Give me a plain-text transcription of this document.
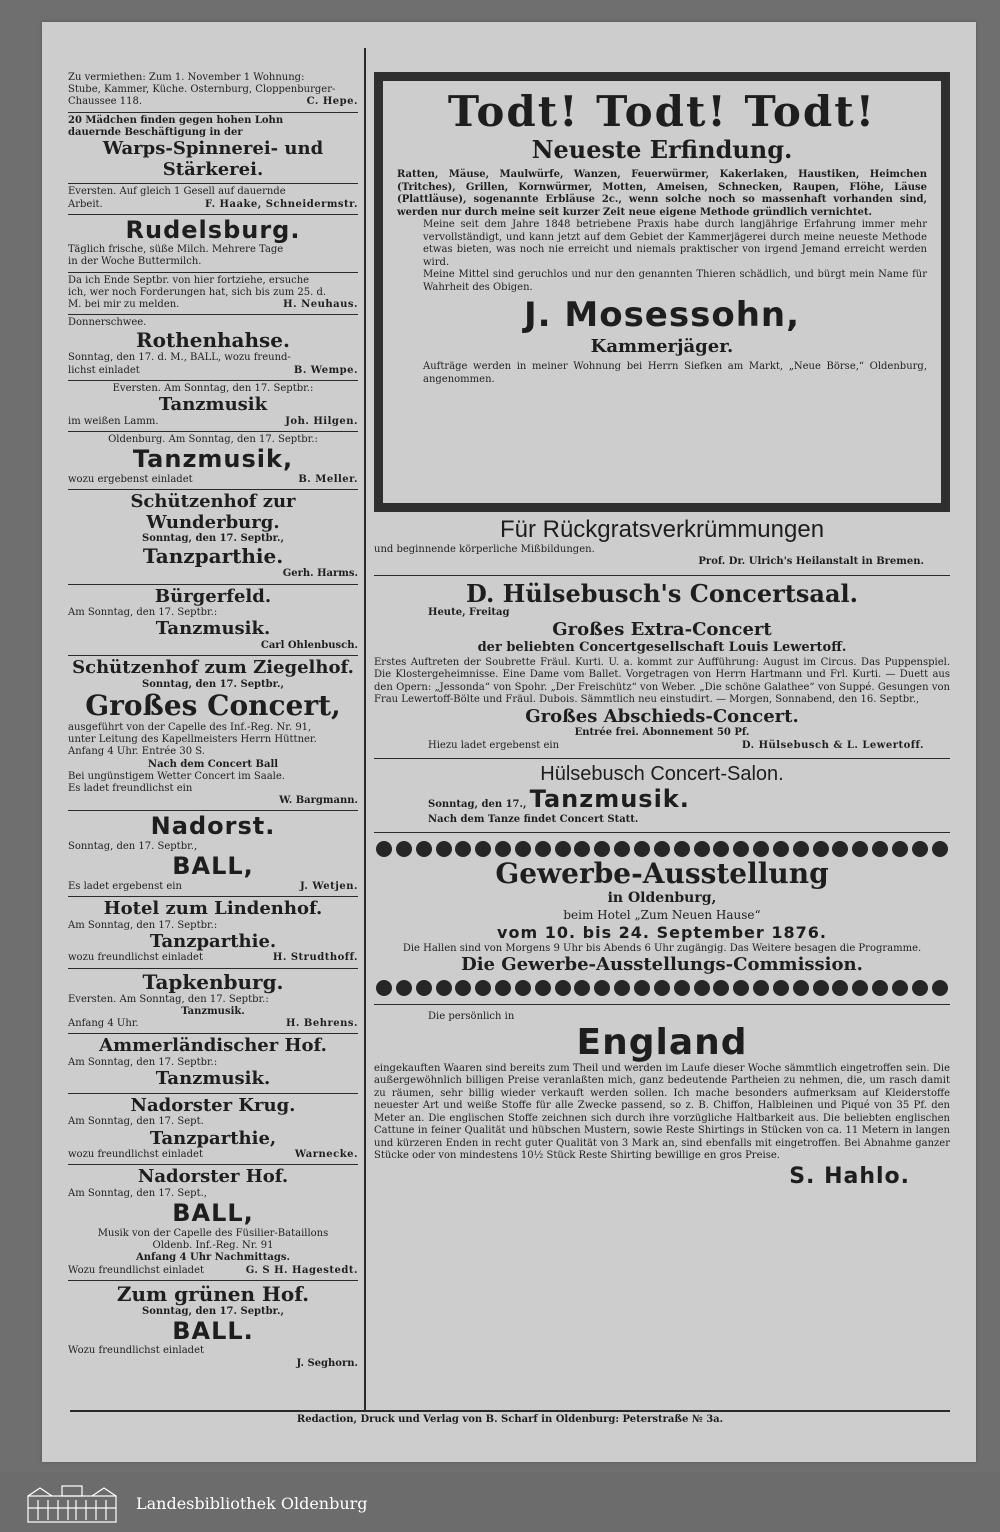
Zu vermiethen: Zum 1. November 1 Wohnung:
Stube, Kammer, Küche. Osternburg, Cloppenburger-
Chaussee 118.	C. Hepe.
20 Mädchen finden gegen hohen Lohn
dauernde Beschäftigung in der
Warps-Spinnerei- und Stärkerei.
Eversten. Auf gleich 1 Gesell auf dauernde
Arbeit.	F. Haake, Schneidermstr.
Rudelsburg.
Täglich frische, süße Milch. Mehrere Tage
in der Woche Buttermilch.
Da ich Ende Septbr. von hier fortziehe, ersuche
ich, wer noch Forderungen hat, sich bis zum 25. d.
M. bei mir zu melden.	H. Neuhaus.
Donnerschwee.
Rothenhahse.
Sonntag, den 17. d. M., BALL, wozu freund-
lichst einladet	B. Wempe.
Eversten. Am Sonntag, den 17. Septbr.:
Tanzmusik
im weißen Lamm.	Joh. Hilgen.
Oldenburg. Am Sonntag, den 17. Septbr.:
Tanzmusik,
wozu ergebenst einladet	B. Meller.
Schützenhof zur Wunderburg.
Sonntag, den 17. Septbr.,
Tanzparthie.
Gerh. Harms.
Bürgerfeld.
Am Sonntag, den 17. Septbr.:
Tanzmusik.
Carl Ohlenbusch.
Schützenhof zum Ziegelhof.
Sonntag, den 17. Septbr.,
Großes Concert,
ausgeführt von der Capelle des Inf.-Reg. Nr. 91,
unter Leitung des Kapellmeisters Herrn Hüttner.
Anfang 4 Uhr. Entrée 30 S.
Nach dem Concert Ball
Bei ungünstigem Wetter Concert im Saale.
Es ladet freundlichst ein
W. Bargmann.
Nadorst.
Sonntag, den 17. Septbr.,
BALL,
Es ladet ergebenst ein	J. Wetjen.
Hotel zum Lindenhof.
Am Sonntag, den 17. Septbr.:
Tanzparthie.
wozu freundlichst einladet	H. Strudthoff.
Tapkenburg.
Eversten. Am Sonntag, den 17. Septbr.:
Tanzmusik.
Anfang 4 Uhr.	H. Behrens.
Ammerländischer Hof.
Am Sonntag, den 17. Septbr.:
Tanzmusik.
Nadorster Krug.
Am Sonntag, den 17. Sept.
Tanzparthie,
wozu freundlichst einladet	Warnecke.
Nadorster Hof.
Am Sonntag, den 17. Sept.,
BALL,
Musik von der Capelle des Füsilier-Bataillons
Oldenb. Inf.-Reg. Nr. 91
Anfang 4 Uhr Nachmittags.
Wozu freundlichst einladet	G. S H. Hagestedt.
Zum grünen Hof.
Sonntag, den 17. Septbr.,
BALL.
Wozu freundlichst einladet
J. Seghorn.
Todt! Todt! Todt!
Neueste Erfindung.

Ratten, Mäuse, Maulwürfe, Wanzen, Feuerwürmer, Kakerlaken, Haustiken, Heimchen (Tritches), Grillen, Kornwürmer, Motten, Ameisen, Schnecken, Raupen, Flöhe, Läuse (Plattläuse), sogenannte Erbläuse 2c., wenn solche noch so massenhaft vorhanden sind, werden nur durch meine seit kurzer Zeit neue eigene Methode gründlich vernichtet.

Meine seit dem Jahre 1848 betriebene Praxis habe durch langjährige Erfahrung immer mehr vervollständigt, und kann jetzt auf dem Gebiet der Kammerjägerei durch meine neueste Methode etwas bieten, was noch nie erreicht und niemals praktischer von irgend Jemand erreicht werden wird.

Meine Mittel sind geruchlos und nur den genannten Thieren schädlich, und bürgt mein Name für Wahrheit des Obigen.

J. Mosessohn,
Kammerjäger.

Aufträge werden in meiner Wohnung bei Herrn Siefken am Markt, „Neue Börse,“ Oldenburg, angenommen.

Für Rückgratsverkrümmungen
und beginnende körperliche Mißbildungen.
Prof. Dr. Ulrich's Heilanstalt in Bremen.
D. Hülsebusch's Concertsaal.
Heute, Freitag
Großes Extra-Concert
der beliebten Concertgesellschaft Louis Lewertoff.
Erstes Auftreten der Soubrette Fräul. Kurti. U. a. kommt zur Aufführung: August im Circus. Das Puppenspiel. Die Klostergeheimnisse. Eine Dame vom Ballet. Vorgetragen von Herrn Hartmann und Frl. Kurti. — Duett aus den Opern: „Jessonda“ von Spohr. „Der Freischütz“ von Weber. „Die schöne Galathee“ von Suppé. Gesungen von Frau Lewertoff-Bölte und Fräul. Dubois. Sämmtlich neu einstudirt. — Morgen, Sonnabend, den 16. Septbr.,
Großes Abschieds-Concert.
Entrée frei. Abonnement 50 Pf.
Hiezu ladet ergebenst ein	D. Hülsebusch & L. Lewertoff.
Hülsebusch Concert-Salon.
Sonntag, den 17., Tanzmusik.
Nach dem Tanze findet Concert Statt.
Gewerbe-Ausstellung
in Oldenburg,
beim Hotel „Zum Neuen Hause“
vom 10. bis 24. September 1876.
Die Hallen sind von Morgens 9 Uhr bis Abends 6 Uhr zugängig. Das Weitere besagen die Programme.
Die Gewerbe-Ausstellungs-Commission.
Die persönlich in
England
eingekauften Waaren sind bereits zum Theil und werden im Laufe dieser Woche sämmtlich eingetroffen sein. Die außergewöhnlich billigen Preise veranlaßten mich, ganz bedeutende Partheien zu nehmen, die, um rasch damit zu räumen, sehr billig wieder verkauft werden sollen. Ich mache besonders aufmerksam auf Kleiderstoffe neuester Art und weiße Stoffe für alle Zwecke passend, so z. B. Chiffon, Halbleinen und Piqué von 35 Pf. den Meter an. Die englischen Stoffe zeichnen sich durch ihre vorzügliche Haltbarkeit aus. Die beliebten englischen Cattune in feiner Qualität und hübschen Mustern, sowie Reste Shirtings in Stücken von ca. 11 Metern in langen und kürzeren Enden in recht guter Qualität von 3 Mark an, sind ebenfalls mit eingetroffen. Bei Abnahme ganzer Stücke oder von mindestens 10½ Stück Reste Shirting bewillige en gros Preise.
S. Hahlo.
Redaction, Druck und Verlag von B. Scharf in Oldenburg: Peterstraße № 3a.
Landesbibliothek Oldenburg
